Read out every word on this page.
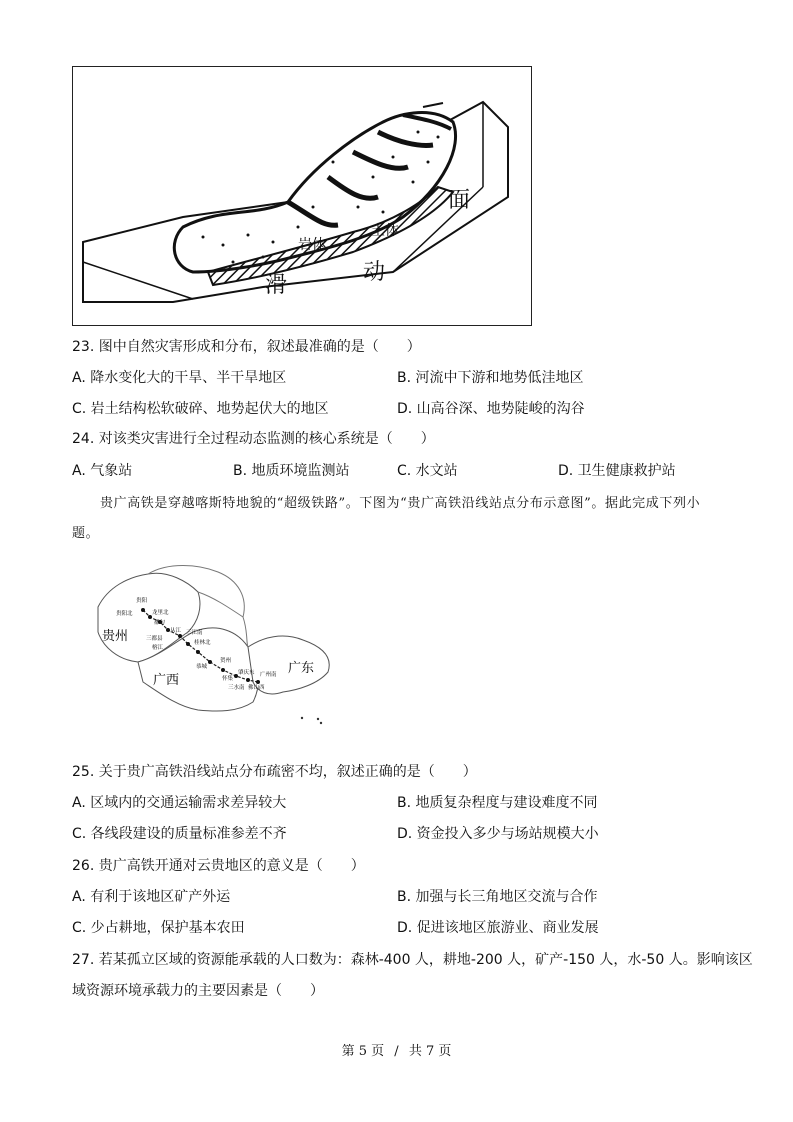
岩体
土体
滑
动
面
23. 图中自然灾害形成和分布，叙述最准确的是（　　）
A. 降水变化大的干旱、半干旱地区	B. 河流中下游和地势低洼地区
C. 岩土结构松软破碎、地势起伏大的地区	D. 山高谷深、地势陡峻的沟谷
24. 对该类灾害进行全过程动态监测的核心系统是（　　）
A. 气象站	B. 地质环境监测站	C. 水文站	D. 卫生健康救护站
贵广高铁是穿越喀斯特地貌的“超级铁路”。下图为“贵广高铁沿线站点分布示意图”。据此完成下列小题。
贵阳
贵阳北	龙里北
都匀
从江
三都县
榕江
三江南
桂林北
恭城
贺州
怀集
肇庆东
三水南 佛山西
广州南
贵州
广西
广东
25. 关于贵广高铁沿线站点分布疏密不均，叙述正确的是（　　）
A. 区域内的交通运输需求差异较大	B. 地质复杂程度与建设难度不同
C. 各线段建设的质量标准参差不齐	D. 资金投入多少与场站规模大小
26. 贵广高铁开通对云贵地区的意义是（　　）
A. 有利于该地区矿产外运	B. 加强与长三角地区交流与合作
C. 少占耕地，保护基本农田	D. 促进该地区旅游业、商业发展
27. 若某孤立区域的资源能承载的人口数为：森林-400 人，耕地-200 人，矿产-150 人，水-50 人。影响该区
域资源环境承载力的主要因素是（　　）
第 5 页 / 共 7 页
